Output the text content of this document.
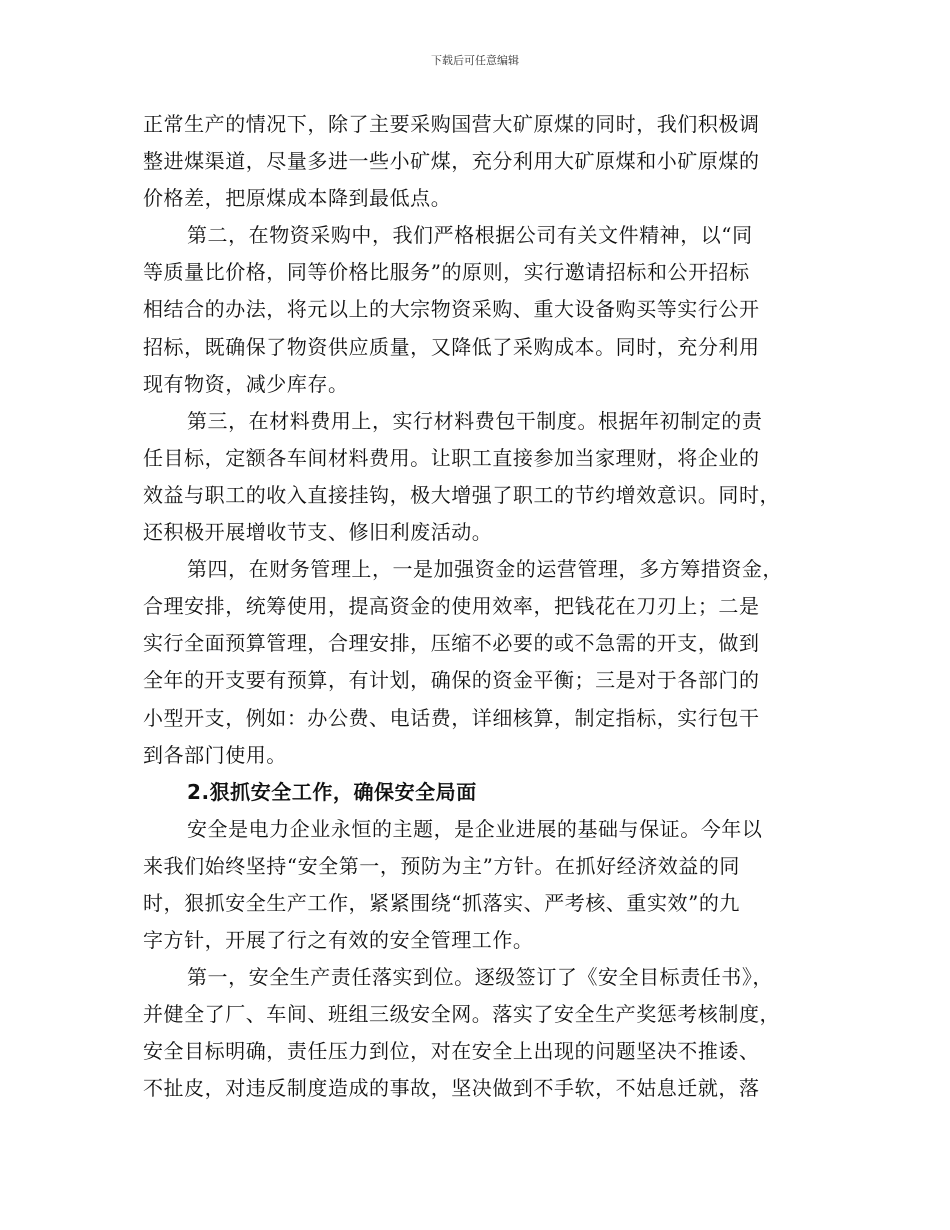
下载后可任意编辑
正常生产的情况下，除了主要采购国营大矿原煤的同时，我们积极调
整进煤渠道，尽量多进一些小矿煤，充分利用大矿原煤和小矿原煤的
价格差，把原煤成本降到最低点。
第二，在物资采购中，我们严格根据公司有关文件精神，以“同
等质量比价格，同等价格比服务”的原则，实行邀请招标和公开招标
相结合的办法，将元以上的大宗物资采购、重大设备购买等实行公开
招标，既确保了物资供应质量，又降低了采购成本。同时，充分利用
现有物资，减少库存。
第三，在材料费用上，实行材料费包干制度。根据年初制定的责
任目标，定额各车间材料费用。让职工直接参加当家理财，将企业的
效益与职工的收入直接挂钩，极大增强了职工的节约增效意识。同时，
还积极开展增收节支、修旧利废活动。
第四，在财务管理上，一是加强资金的运营管理，多方筹措资金，
合理安排，统筹使用，提高资金的使用效率，把钱花在刀刃上；二是
实行全面预算管理，合理安排，压缩不必要的或不急需的开支，做到
全年的开支要有预算，有计划，确保的资金平衡；三是对于各部门的
小型开支，例如：办公费、电话费，详细核算，制定指标，实行包干
到各部门使用。
2.狠抓安全工作，确保安全局面
安全是电力企业永恒的主题，是企业进展的基础与保证。今年以
来我们始终坚持“安全第一，预防为主”方针。在抓好经济效益的同
时，狠抓安全生产工作，紧紧围绕“抓落实、严考核、重实效”的九
字方针，开展了行之有效的安全管理工作。
第一，安全生产责任落实到位。逐级签订了《安全目标责任书》，
并健全了厂、车间、班组三级安全网。落实了安全生产奖惩考核制度，
安全目标明确，责任压力到位，对在安全上出现的问题坚决不推诿、
不扯皮，对违反制度造成的事故，坚决做到不手软，不姑息迁就，落
